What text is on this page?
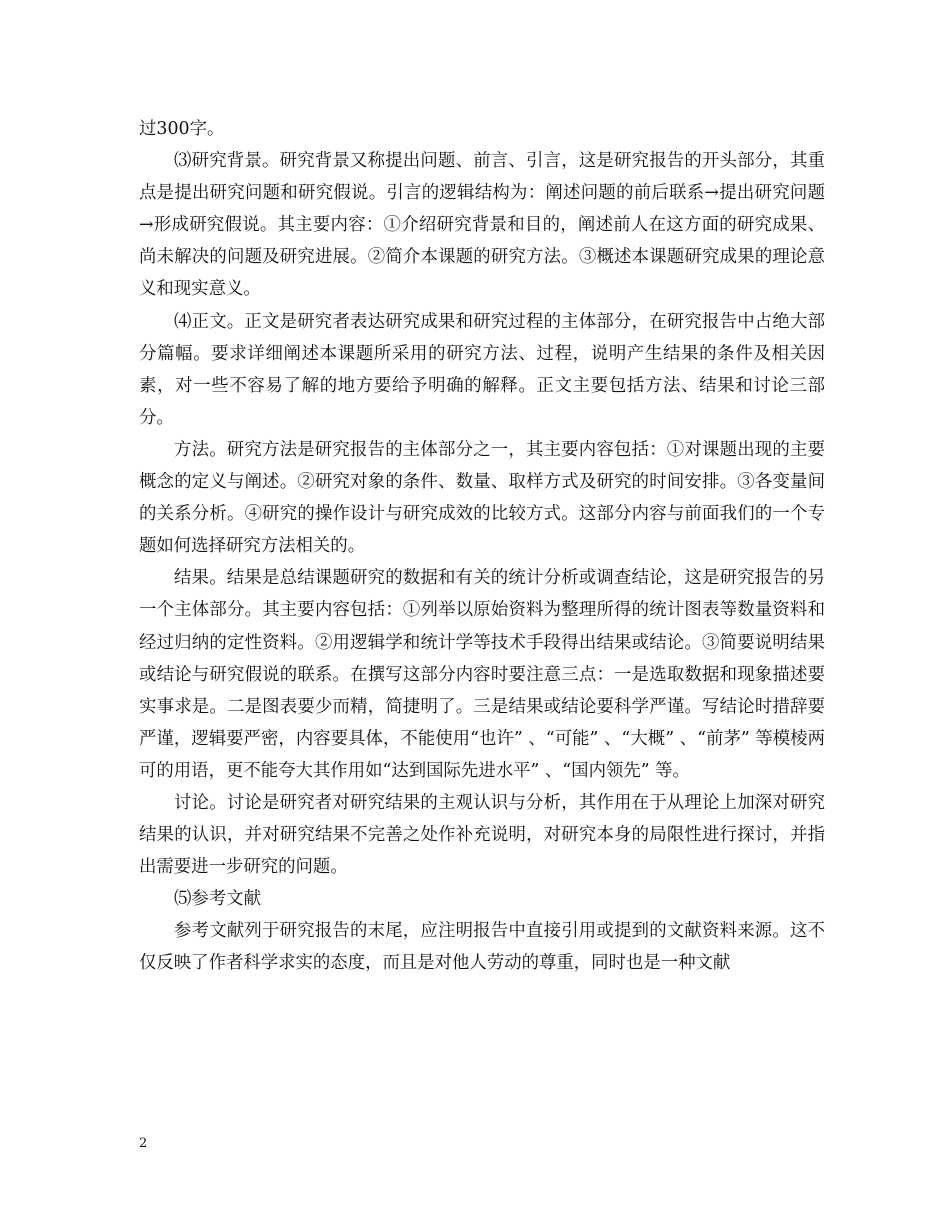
过300字。

⑶研究背景。研究背景又称提出问题、前言、引言，这是研究报告的开头部分，其重点是提出研究问题和研究假说。引言的逻辑结构为：阐述问题的前后联系→提出研究问题→形成研究假说。其主要内容：①介绍研究背景和目的，阐述前人在这方面的研究成果、尚未解决的问题及研究进展。②简介本课题的研究方法。③概述本课题研究成果的理论意义和现实意义。

⑷正文。正文是研究者表达研究成果和研究过程的主体部分，在研究报告中占绝大部分篇幅。要求详细阐述本课题所采用的研究方法、过程，说明产生结果的条件及相关因素，对一些不容易了解的地方要给予明确的解释。正文主要包括方法、结果和讨论三部分。

方法。研究方法是研究报告的主体部分之一，其主要内容包括：①对课题出现的主要概念的定义与阐述。②研究对象的条件、数量、取样方式及研究的时间安排。③各变量间的关系分析。④研究的操作设计与研究成效的比较方式。这部分内容与前面我们的一个专题如何选择研究方法相关的。

结果。结果是总结课题研究的数据和有关的统计分析或调查结论，这是研究报告的另一个主体部分。其主要内容包括：①列举以原始资料为整理所得的统计图表等数量资料和经过归纳的定性资料。②用逻辑学和统计学等技术手段得出结果或结论。③简要说明结果或结论与研究假说的联系。在撰写这部分内容时要注意三点：一是选取数据和现象描述要实事求是。二是图表要少而精，简捷明了。三是结果或结论要科学严谨。写结论时措辞要严谨，逻辑要严密，内容要具体，不能使用“也许” 、“可能” 、“大概” 、“前茅” 等模棱两可的用语，更不能夸大其作用如“达到国际先进水平” 、“国内领先” 等。

讨论。讨论是研究者对研究结果的主观认识与分析，其作用在于从理论上加深对研究结果的认识，并对研究结果不完善之处作补充说明，对研究本身的局限性进行探讨，并指出需要进一步研究的问题。

⑸参考文献

参考文献列于研究报告的末尾，应注明报告中直接引用或提到的文献资料来源。这不仅反映了作者科学求实的态度，而且是对他人劳动的尊重，同时也是一种文献

2
